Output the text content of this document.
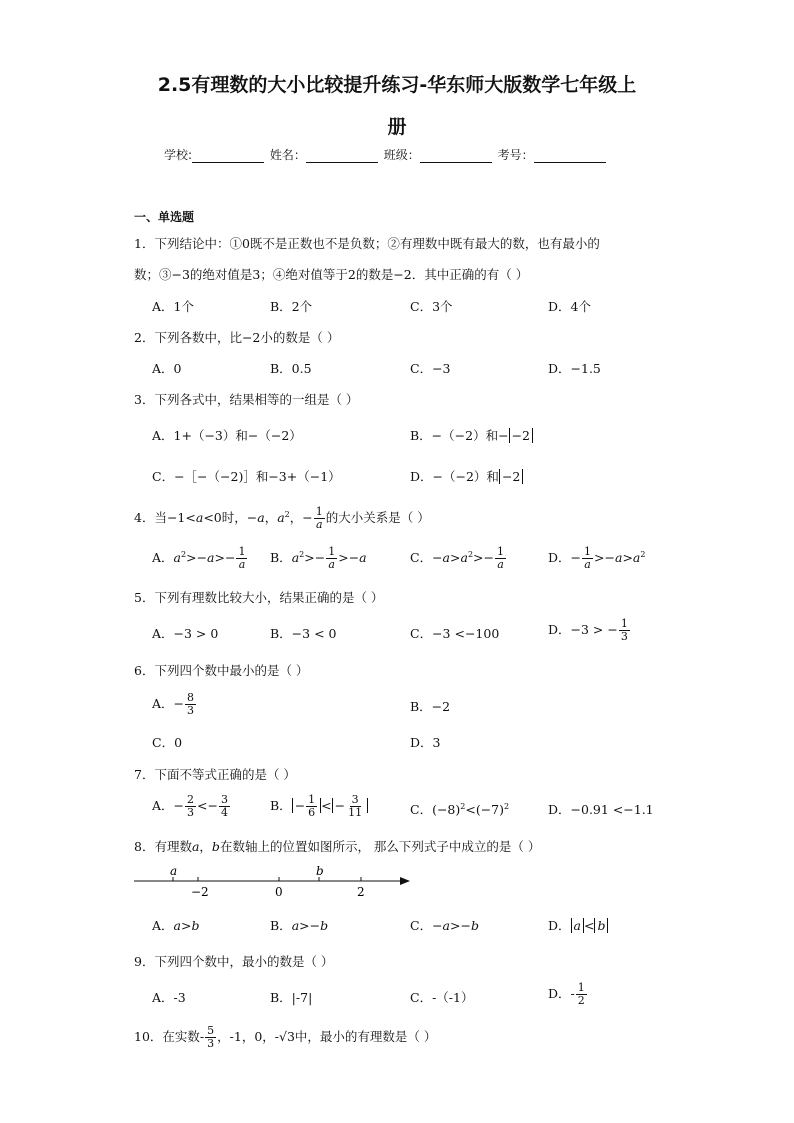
2.5有理数的大小比较提升练习-华东师大版数学七年级上
册
学校:	姓名：	班级：	考号：
一、单选题
1．下列结论中：①0既不是正数也不是负数；②有理数中既有最大的数，也有最小的
数；③−3的绝对值是3；④绝对值等于2的数是−2．其中正确的有（ ）
A．1个	B．2个	C．3个	D．4个
2．下列各数中，比−2小的数是（ ）
A．0	B．0.5	C．−3	D．−1.5
3．下列各式中，结果相等的一组是（ ）
A．1+（−3）和−（−2）	B．−（−2）和− −2
C．−［−（−2)］和−3+（−1）	D．−（−2）和 −2
4．当−1<a<0时，−a，$a^2$，− $\frac{1}{a}$ 的大小关系是（ ）
A．$a^2>-a>- \frac{1}{a}$ B．$a^2>- \frac{1}{a} >-a$	C．$-a>a^2>- \frac{1}{a}$	D．− $\frac{1}{a} >-a>a^2$
5．下列有理数比较大小，结果正确的是（ ）
A．−3 > 0	B．−3 < 0	C．−3 <−100	D．−3 > − $\frac{1}{3}$
6．下列四个数中最小的是（ ）
A．− $\frac{8}{3}$	B．−2
C．0	D．3
7．下面不等式正确的是（ ）
A．− $\frac{2}{3} <- \frac{3}{4}$	B． − $\frac{1}{6}$ < − $\frac{3}{11}$	C．$(-8)^2<(-7)^2$	D．−0.91 <−1.1
8．有理数a，b在数轴上的位置如图所示， 那么下列式子中成立的是（ ）
a	b
−2	0	2
A．a>b	B．a>−b	C．−a>−b	D． a < b
9．下列四个数中，最小的数是（ ）
A．-3	B．|-7|	C．-（-1）	D．- $\frac{1}{2}$
10．在实数- $\frac{5}{3}$ ，-1，0，-√3中，最小的有理数是（ ）
